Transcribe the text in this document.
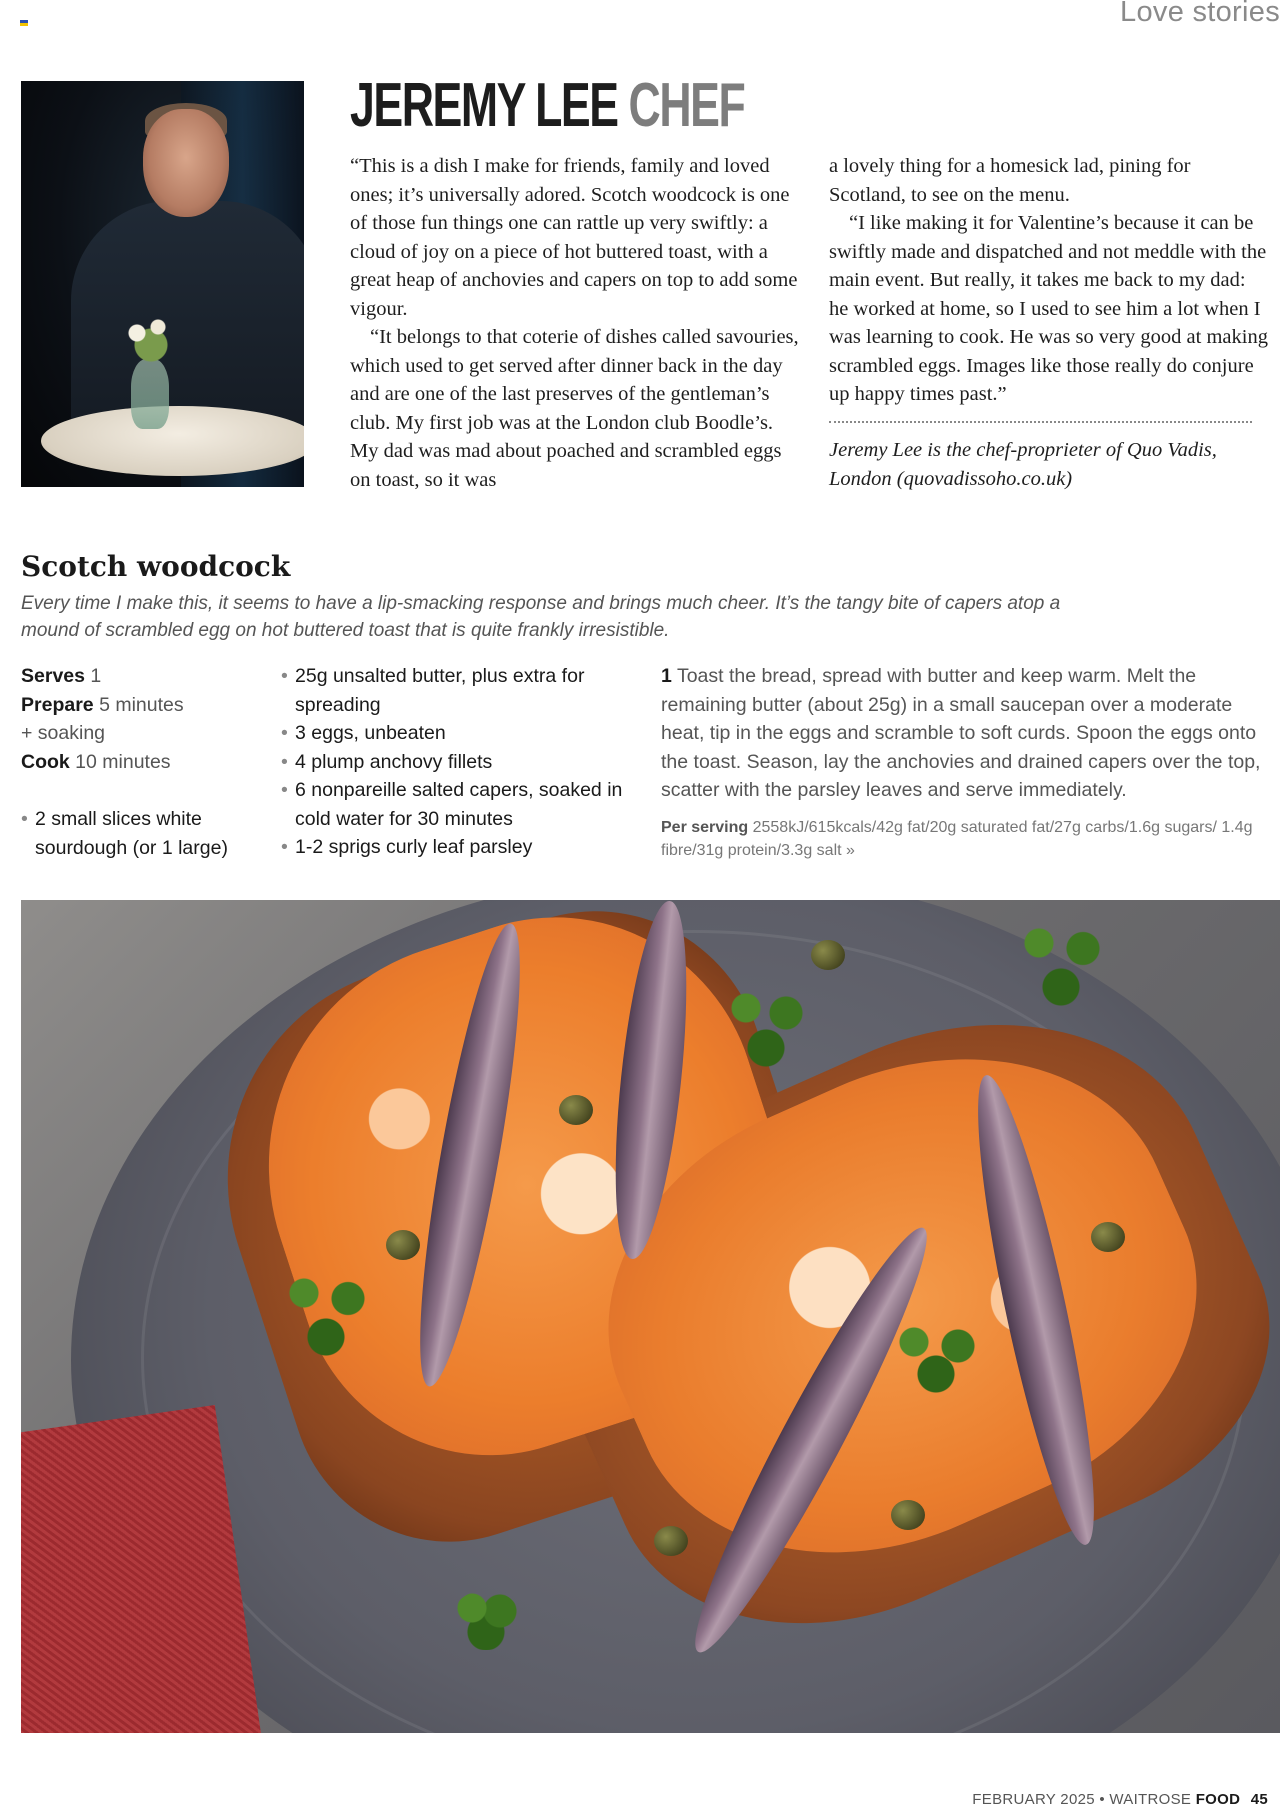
Love stories
JEREMY LEE CHEF

“This is a dish I make for friends, family and loved ones; it’s universally adored. Scotch woodcock is one of those fun things one can rattle up very swiftly: a cloud of joy on a piece of hot buttered toast, with a great heap of anchovies and capers on top to add some vigour.

“It belongs to that coterie of dishes called savouries, which used to get served after dinner back in the day and are one of the last preserves of the gentleman’s club. My first job was at the London club Boodle’s. My dad was mad about poached and scrambled eggs on toast, so it was

a lovely thing for a homesick lad, pining for Scotland, to see on the menu.

“I like making it for Valentine’s because it can be swiftly made and dispatched and not meddle with the main event. But really, it takes me back to my dad: he worked at home, so I used to see him a lot when I was learning to cook. He was so very good at making scrambled eggs. Images like those really do conjure up happy times past.”

Jeremy Lee is the chef-proprieter of Quo Vadis, London (quovadissoho.co.uk)
Scotch woodcock
Every time I make this, it seems to have a lip-smacking response and brings much cheer. It’s the tangy bite of capers atop a mound of scrambled egg on hot buttered toast that is quite frankly irresistible.
Serves 1
Prepare 5 minutes
+ soaking
Cook 10 minutes
• 2 small slices white sourdough (or 1 large)
• 25g unsalted butter, plus extra for spreading
• 3 eggs, unbeaten
• 4 plump anchovy fillets
• 6 nonpareille salted capers, soaked in cold water for 30 minutes
• 1-2 sprigs curly leaf parsley
1 Toast the bread, spread with butter and keep warm. Melt the remaining butter (about 25g) in a small saucepan over a moderate heat, tip in the eggs and scramble to soft curds. Spoon the eggs onto the toast. Season, lay the anchovies and drained capers over the top, scatter with the parsley leaves and serve immediately.
Per serving 2558kJ/615kcals/42g fat/20g saturated fat/27g carbs/1.6g sugars/ 1.4g fibre/31g protein/3.3g salt »
FEBRUARY 2025 • WAITROSE FOOD 45
